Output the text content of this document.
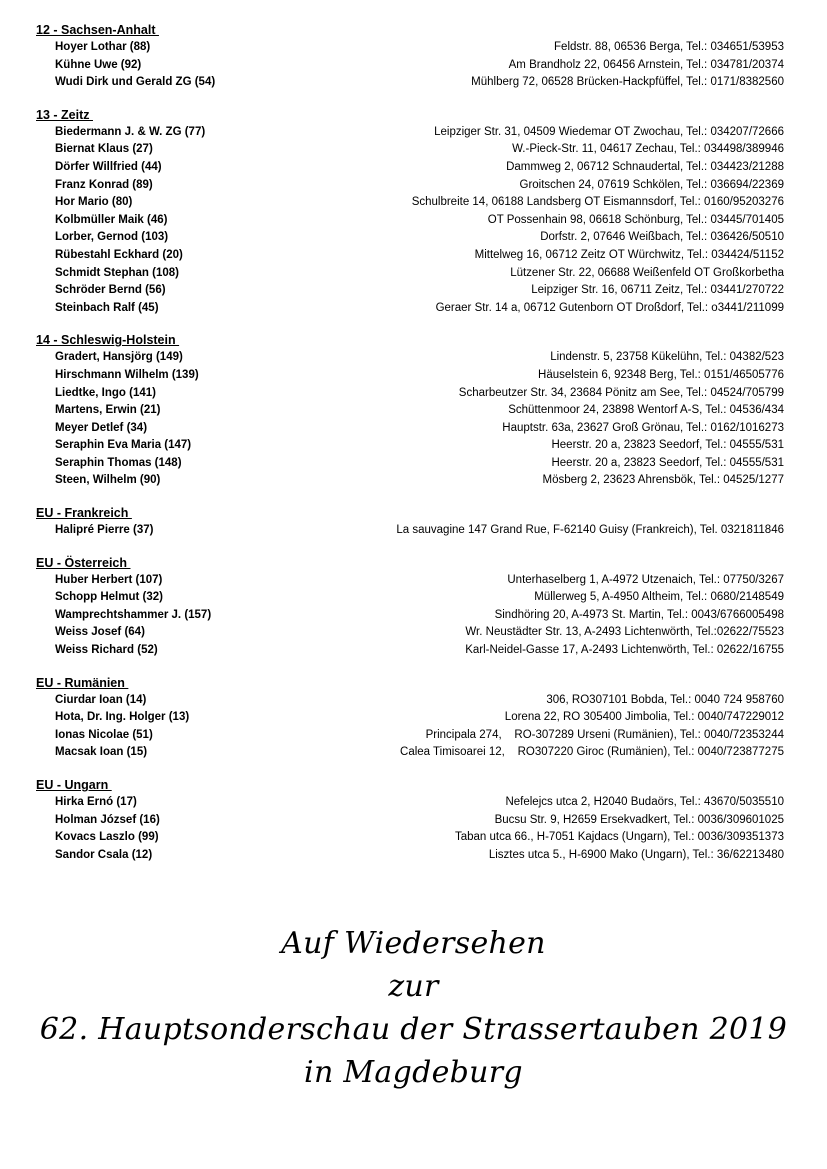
12 - Sachsen-Anhalt
Hoyer Lothar (88)	Feldstr. 88, 06536 Berga, Tel.: 034651/53953
Kühne Uwe (92)	Am Brandholz 22, 06456 Arnstein, Tel.: 034781/20374
Wudi Dirk und Gerald ZG (54)	Mühlberg 72, 06528 Brücken-Hackpfüffel, Tel.: 0171/8382560
13 - Zeitz
Biedermann J. & W. ZG (77)	Leipziger Str. 31, 04509 Wiedemar OT Zwochau, Tel.: 034207/72666
Biernat Klaus (27)	W.-Pieck-Str. 11, 04617 Zechau, Tel.: 034498/389946
Dörfer Willfried (44)	Dammweg 2, 06712 Schnaudertal, Tel.: 034423/21288
Franz Konrad (89)	Groitschen 24, 07619 Schkölen, Tel.: 036694/22369
Hor Mario (80)	Schulbreite 14, 06188 Landsberg OT Eismannsdorf, Tel.: 0160/95203276
Kolbmüller Maik (46)	OT Possenhain 98, 06618 Schönburg, Tel.: 03445/701405
Lorber, Gernod (103)	Dorfstr. 2, 07646 Weißbach, Tel.: 036426/50510
Rübestahl Eckhard (20)	Mittelweg 16, 06712 Zeitz OT Würchwitz, Tel.: 034424/51152
Schmidt Stephan (108)	Lützener Str. 22, 06688 Weißenfeld OT Großkorbetha
Schröder Bernd (56)	Leipziger Str. 16, 06711 Zeitz, Tel.: 03441/270722
Steinbach Ralf (45)	Geraer Str. 14 a, 06712 Gutenborn OT Droßdorf, Tel.: o3441/211099
14 - Schleswig-Holstein
Gradert, Hansjörg (149)	Lindenstr. 5, 23758 Kükelühn, Tel.: 04382/523
Hirschmann Wilhelm (139)	Häuselstein 6, 92348 Berg, Tel.: 0151/46505776
Liedtke, Ingo (141)	Scharbeutzer Str. 34, 23684 Pönitz am See, Tel.: 04524/705799
Martens, Erwin (21)	Schüttenmoor 24, 23898 Wentorf A-S, Tel.: 04536/434
Meyer Detlef (34)	Hauptstr. 63a, 23627 Groß Grönau, Tel.: 0162/1016273
Seraphin Eva Maria (147)	Heerstr. 20 a, 23823 Seedorf, Tel.: 04555/531
Seraphin Thomas (148)	Heerstr. 20 a, 23823 Seedorf, Tel.: 04555/531
Steen, Wilhelm (90)	Mösberg 2, 23623 Ahrensbök, Tel.: 04525/1277
EU - Frankreich
Halipré Pierre (37)	La sauvagine 147 Grand Rue, F-62140 Guisy (Frankreich), Tel. 0321811846
EU - Österreich
Huber Herbert (107)	Unterhaselberg 1, A-4972 Utzenaich, Tel.: 07750/3267
Schopp Helmut (32)	Müllerweg 5, A-4950 Altheim, Tel.: 0680/2148549
Wamprechtshammer J. (157)	Sindhöring 20, A-4973 St. Martin, Tel.: 0043/6766005498
Weiss Josef (64)	Wr. Neustädter Str. 13, A-2493 Lichtenwörth, Tel.:02622/75523
Weiss Richard (52)	Karl-Neidel-Gasse 17, A-2493 Lichtenwörth, Tel.: 02622/16755
EU - Rumänien
Ciurdar Ioan (14)	306, RO307101 Bobda, Tel.: 0040 724 958760
Hota, Dr. Ing. Holger (13)	Lorena 22, RO 305400 Jimbolia, Tel.: 0040/747229012
Ionas Nicolae (51)	Principala 274,    RO-307289 Urseni (Rumänien), Tel.: 0040/72353244
Macsak Ioan (15)	Calea Timisoarei 12,    RO307220 Giroc (Rumänien), Tel.: 0040/723877275
EU - Ungarn
Hirka Ernó (17)	Nefelejcs utca 2, H2040 Budaörs, Tel.: 43670/5035510
Holman József (16)	Bucsu Str. 9, H2659 Ersekvadkert, Tel.: 0036/309601025
Kovacs Laszlo (99)	Taban utca 66., H-7051 Kajdacs (Ungarn), Tel.: 0036/309351373
Sandor Csala (12)	Lisztes utca 5., H-6900 Mako (Ungarn), Tel.: 36/62213480
Auf Wiedersehen
zur
62. Hauptsonderschau der Strassertauben 2019
in Magdeburg
